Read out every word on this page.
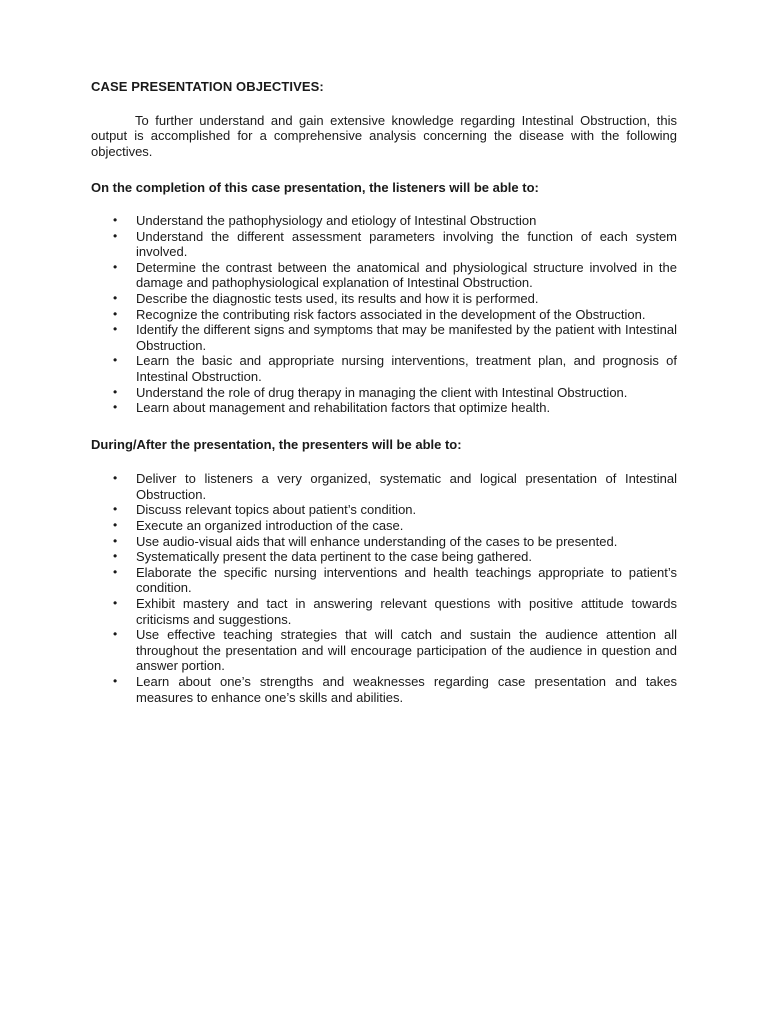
CASE PRESENTATION OBJECTIVES:

To further understand and gain extensive knowledge regarding Intestinal Obstruction, this output is accomplished for a comprehensive analysis concerning the disease with the following objectives.

On the completion of this case presentation, the listeners will be able to:

• Understand the pathophysiology and etiology of Intestinal Obstruction
• Understand the different assessment parameters involving the function of each system involved.
• Determine the contrast between the anatomical and physiological structure involved in the damage and pathophysiological explanation of Intestinal Obstruction.
• Describe the diagnostic tests used, its results and how it is performed.
• Recognize the contributing risk factors associated in the development of the Obstruction.
• Identify the different signs and symptoms that may be manifested by the patient with Intestinal Obstruction.
• Learn the basic and appropriate nursing interventions, treatment plan, and prognosis of Intestinal Obstruction.
• Understand the role of drug therapy in managing the client with Intestinal Obstruction.
• Learn about management and rehabilitation factors that optimize health.

During/After the presentation, the presenters will be able to:

• Deliver to listeners a very organized, systematic and logical presentation of Intestinal Obstruction.
• Discuss relevant topics about patient’s condition.
• Execute an organized introduction of the case.
• Use audio-visual aids that will enhance understanding of the cases to be presented.
• Systematically present the data pertinent to the case being gathered.
• Elaborate the specific nursing interventions and health teachings appropriate to patient’s condition.
• Exhibit mastery and tact in answering relevant questions with positive attitude towards criticisms and suggestions.
• Use effective teaching strategies that will catch and sustain the audience attention all throughout the presentation and will encourage participation of the audience in question and answer portion.
• Learn about one’s strengths and weaknesses regarding case presentation and takes measures to enhance one’s skills and abilities.
